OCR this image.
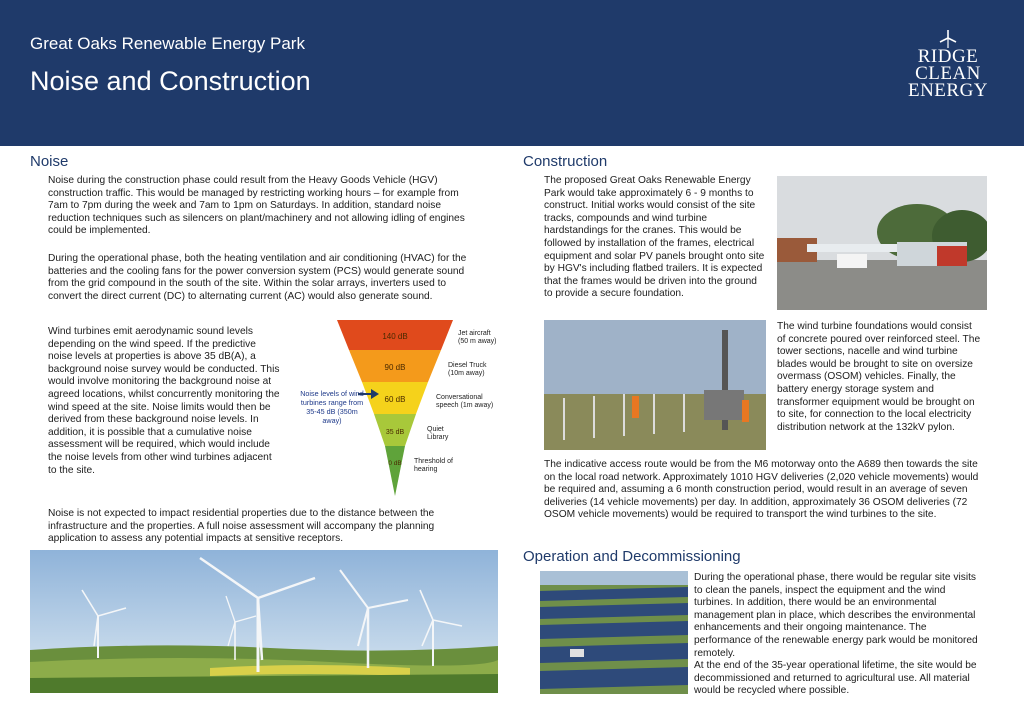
Great Oaks Renewable Energy Park
Noise and Construction
RIDGE
CLEAN
ENERGY
Noise

Noise during the construction phase could result from the Heavy Goods Vehicle (HGV) construction traffic. This would be managed by restricting working hours – for example from 7am to 7pm during the week and 7am to 1pm on Saturdays. In addition, standard noise reduction techniques such as silencers on plant/machinery and not allowing idling of engines could be implemented.

During the operational phase, both the heating ventilation and air conditioning (HVAC) for the batteries and the cooling fans for the power conversion system (PCS) would generate sound from the grid compound in the south of the site. Within the solar arrays, inverters used to convert the direct current (DC) to alternating current (AC) would also generate sound.

Wind turbines emit aerodynamic sound levels depending on the wind speed. If the predictive noise levels at properties is above 35 dB(A), a background noise survey would be conducted. This would involve monitoring the background noise at agreed locations, whilst concurrently monitoring the wind speed at the site. Noise limits would then be derived from these background noise levels. In addition, it is possible that a cumulative noise assessment will be required, which would include the noise levels from other wind turbines adjacent to the site.

Noise is not expected to impact residential properties due to the distance between the infrastructure and the properties. A full noise assessment will accompany the planning application to assess any potential impacts at sensitive receptors.

140 dB
90 dB
60 dB
35 dB
0 dB
Jet aircraft
(50 m away)
Diesel Truck
(10m away)
Conversational
speech (1m away)
Quiet
Library
Threshold of
hearing
Noise levels of wind turbines range from 35-45 dB (350m away)
Construction

The proposed Great Oaks Renewable Energy Park would take approximately 6 - 9 months to construct. Initial works would consist of the site tracks, compounds and wind turbine hardstandings for the cranes. This would be followed by installation of the frames, electrical equipment and solar PV panels brought onto site by HGV's including flatbed trailers. It is expected that the frames would be driven into the ground to provide a secure foundation.

The wind turbine foundations would consist of concrete poured over reinforced steel. The tower sections, nacelle and wind turbine blades would be brought to site on oversize overmass (OSOM) vehicles. Finally, the battery energy storage system and transformer equipment would be brought on to site, for connection to the local electricity distribution network at the 132kV pylon.

The indicative access route would be from the M6 motorway onto the A689 then towards the site on the local road network. Approximately 1010 HGV deliveries (2,020 vehicle movements) would be required and, assuming a 6 month construction period, would result in an average of seven deliveries (14 vehicle movements) per day. In addition, approximately 36 OSOM deliveries (72 OSOM vehicle movements) would be required to transport the wind turbines to the site.

Operation and Decommissioning

During the operational phase, there would be regular site visits to clean the panels, inspect the equipment and the wind turbines. In addition, there would be an environmental management plan in place, which describes the environmental enhancements and their ongoing maintenance. The performance of the renewable energy park would be monitored remotely.

At the end of the 35-year operational lifetime, the site would be decommissioned and returned to agricultural use. All material would be recycled where possible.
